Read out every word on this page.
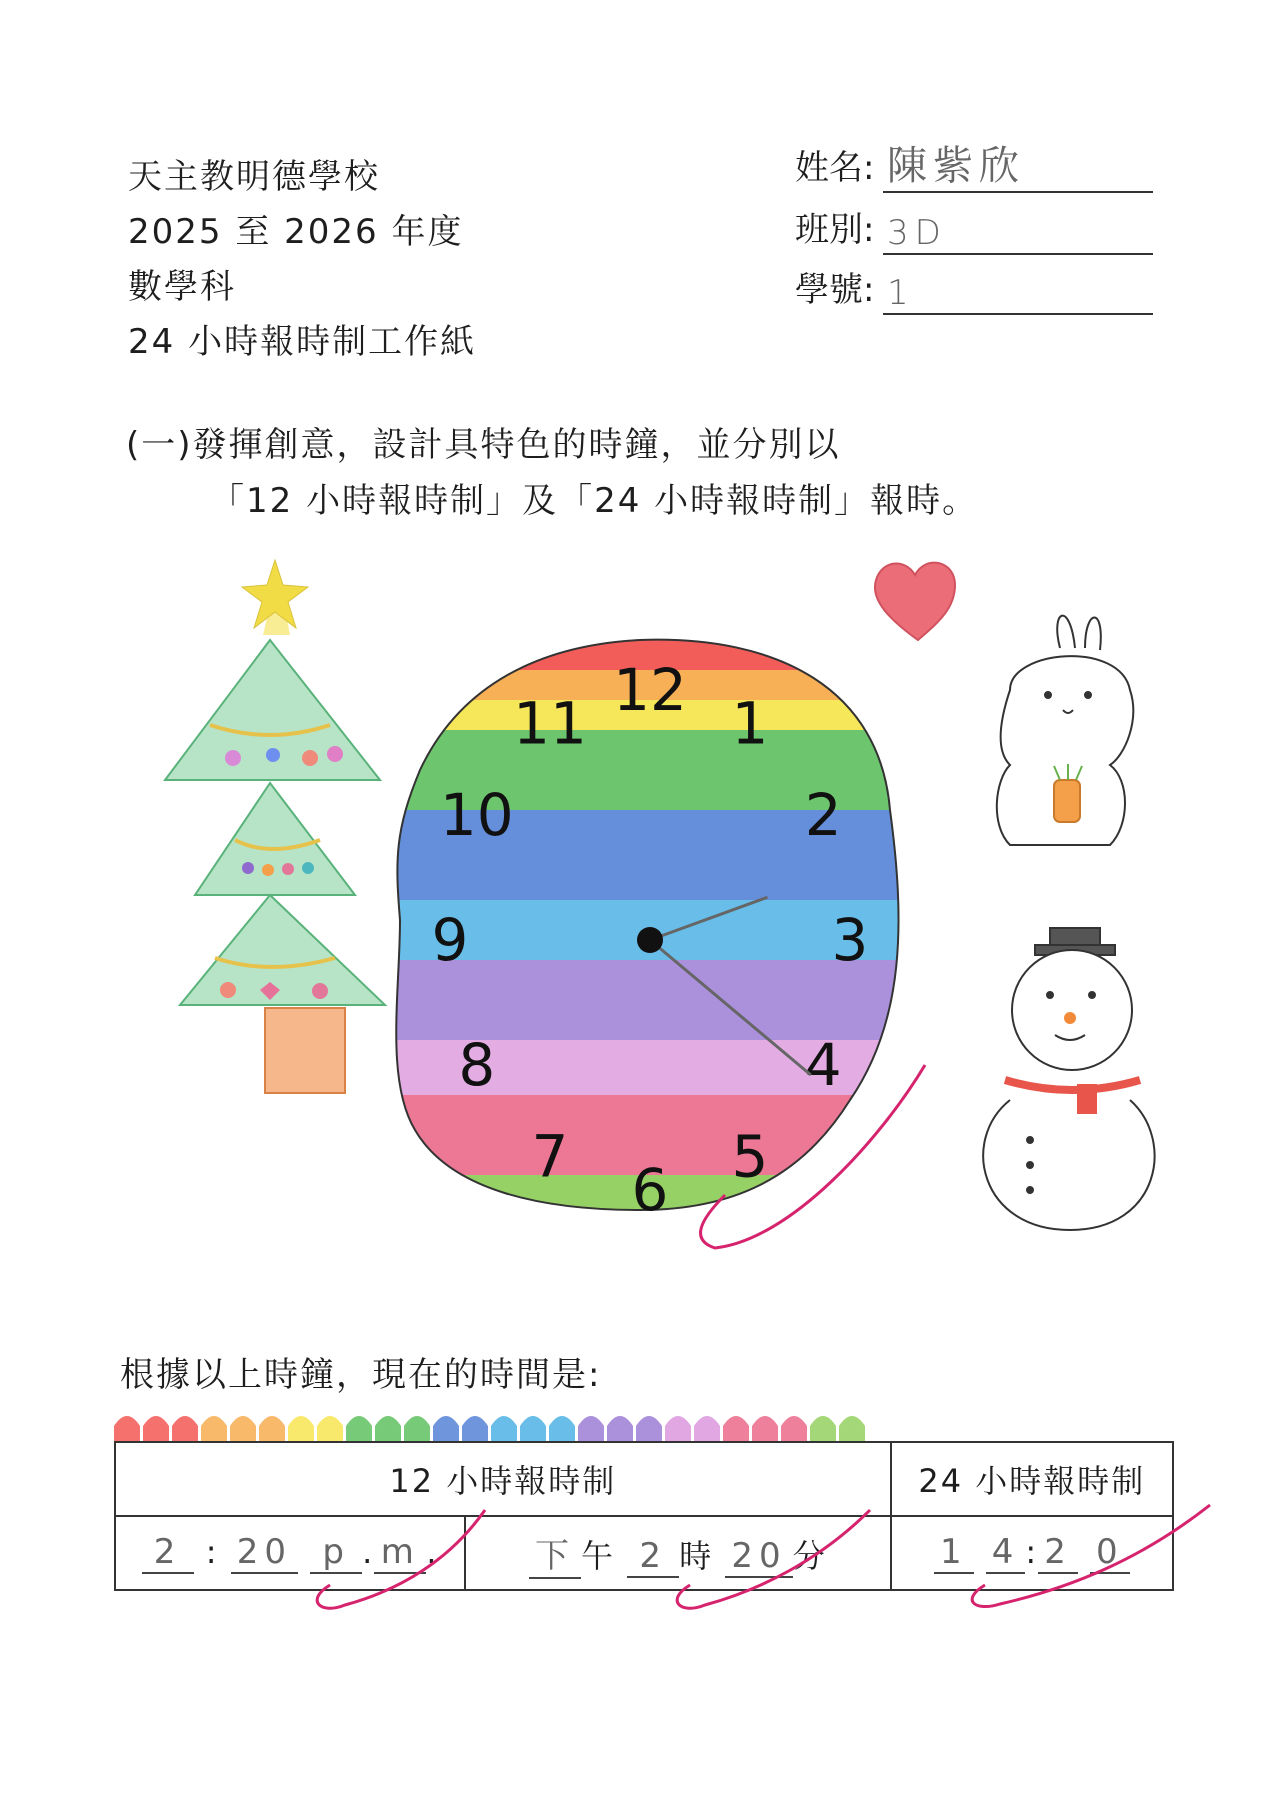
天主教明德學校
2025 至 2026 年度
數學科
24 小時報時制工作紙
姓名: 陳紫欣
班別: 3D
學號: 1
(一)發揮創意，設計具特色的時鐘，並分別以
「12 小時報時制」及「24 小時報時制」報時。
12 1
2
3
4
5
6
7
8
9
10
11
根據以上時鐘，現在的時間是:
12 小時報時制		24 小時報時制
2 : 20 p . m .	下 午 2 時 20 分	1 4 : 2 0
